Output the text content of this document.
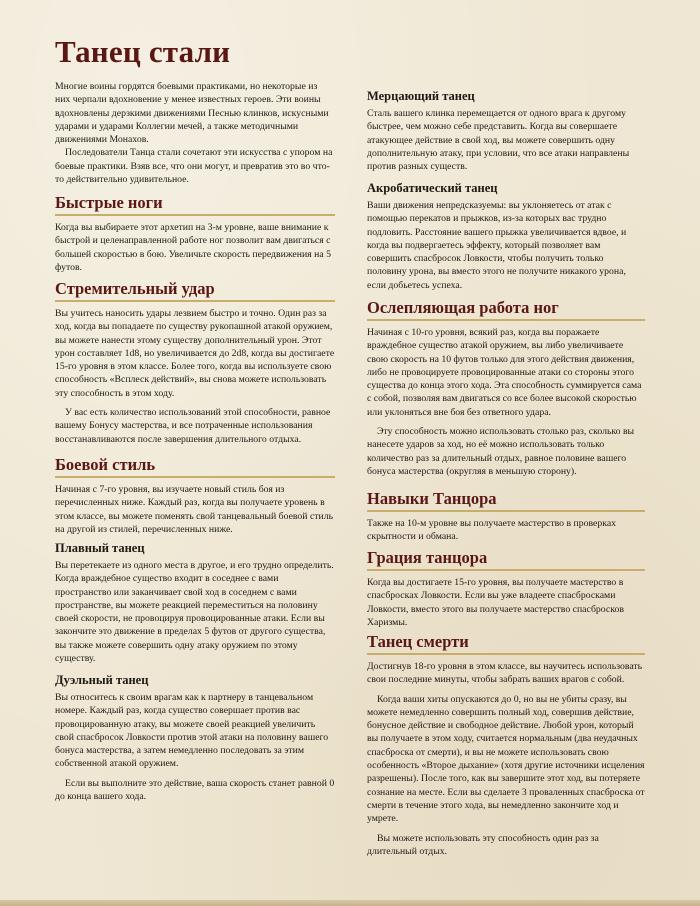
Танец стали

Многие воины гордятся боевыми практиками, но некоторые из них черпали вдохновение у менее известных героев. Эти воины вдохновлены дерзкими движениями Песнью клинков, искусными ударами и ударами Коллегии мечей, а также методичными движениями Монахов.

Последователи Танца стали сочетают эти искусства с упором на боевые практики. Взяв все, что они могут, и превратив это во что-то действительно удивительное.

Быстрые ноги

Когда вы выбираете этот архетип на 3-м уровне, ваше внимание к быстрой и целенаправленной работе ног позволит вам двигаться с большей скоростью в бою. Увеличьте скорость передвижения на 5 футов.

Стремительный удар

Вы учитесь наносить удары лезвием быстро и точно. Один раз за ход, когда вы попадаете по существу рукопашной атакой оружием, вы можете нанести этому существу дополнительный урон. Этот урон составляет 1d8, но увеличивается до 2d8, когда вы достигаете 15-го уровня в этом классе. Более того, когда вы используете свою способность «Всплеск действий», вы снова можете использовать эту способность в этом ходу.

У вас есть количество использований этой способности, равное вашему Бонусу мастерства, и все потраченные использования восстанавливаются после завершения длительного отдыха.

Боевой стиль

Начиная с 7-го уровня, вы изучаете новый стиль боя из перечисленных ниже. Каждый раз, когда вы получаете уровень в этом классе, вы можете поменять свой танцевальный боевой стиль на другой из стилей, перечисленных ниже.

Плавный танец

Вы перетекаете из одного места в другое, и его трудно определить. Когда враждебное существо входит в соседнее с вами пространство или заканчивает свой ход в соседнем с вами пространстве, вы можете реакцией переместиться на половину своей скорости, не провоцируя провоцированные атаки. Если вы закончите это движение в пределах 5 футов от другого существа, вы также можете совершить одну атаку оружием по этому существу.

Дуэльный танец

Вы относитесь к своим врагам как к партнеру в танцевальном номере. Каждый раз, когда существо совершает против вас провоцированную атаку, вы можете своей реакцией увеличить свой спасбросок Ловкости против этой атаки на половину вашего бонуса мастерства, а затем немедленно последовать за этим собственной атакой оружием.

Если вы выполните это действие, ваша скорость станет равной 0 до конца вашего хода.

Мерцающий танец

Сталь вашего клинка перемещается от одного врага к другому быстрее, чем можно себе представить. Когда вы совершаете атакующее действие в свой ход, вы можете совершить одну дополнительную атаку, при условии, что все атаки направлены против разных существ.

Акробатический танец

Ваши движения непредсказуемы: вы уклоняетесь от атак с помощью перекатов и прыжков, из-за которых вас трудно подловить. Расстояние вашего прыжка увеличивается вдвое, и когда вы подвергаетесь эффекту, который позволяет вам совершить спасбросок Ловкости, чтобы получить только половину урона, вы вместо этого не получите никакого урона, если добьетесь успеха.

Ослепляющая работа ног

Начиная с 10-го уровня, всякий раз, когда вы поражаете враждебное существо атакой оружием, вы либо увеличиваете свою скорость на 10 футов только для этого действия движения, либо не провоцируете провоцированные атаки со стороны этого существа до конца этого хода. Эта способность суммируется сама с собой, позволяя вам двигаться со все более высокой скоростью или уклоняться вне боя без ответного удара.

Эту способность можно использовать столько раз, сколько вы нанесете ударов за ход, но её можно использовать только количество раз за длительный отдых, равное половине вашего бонуса мастерства (округляя в меньшую сторону).

Навыки Танцора

Также на 10-м уровне вы получаете мастерство в проверках скрытности и обмана.

Грация танцора

Когда вы достигаете 15-го уровня, вы получаете мастерство в спасбросках Ловкости. Если вы уже владеете спасбросками Ловкости, вместо этого вы получаете мастерство спасбросков Харизмы.

Танец смерти

Достигнув 18-го уровня в этом классе, вы научитесь использовать свои последние минуты, чтобы забрать ваших врагов с собой.

Когда ваши хиты опускаются до 0, но вы не убиты сразу, вы можете немедленно совершить полный ход, совершив действие, бонусное действие и свободное действие. Любой урон, который вы получаете в этом ходу, считается нормальным (два неудачных спасброска от смерти), и вы не можете использовать свою особенность «Второе дыхание» (хотя другие источники исцеления разрешены). После того, как вы завершите этот ход, вы потеряете сознание на месте. Если вы сделаете 3 проваленных спасброска от смерти в течение этого хода, вы немедленно закончите ход и умрете.

Вы можете использовать эту способность один раз за длительный отдых.
